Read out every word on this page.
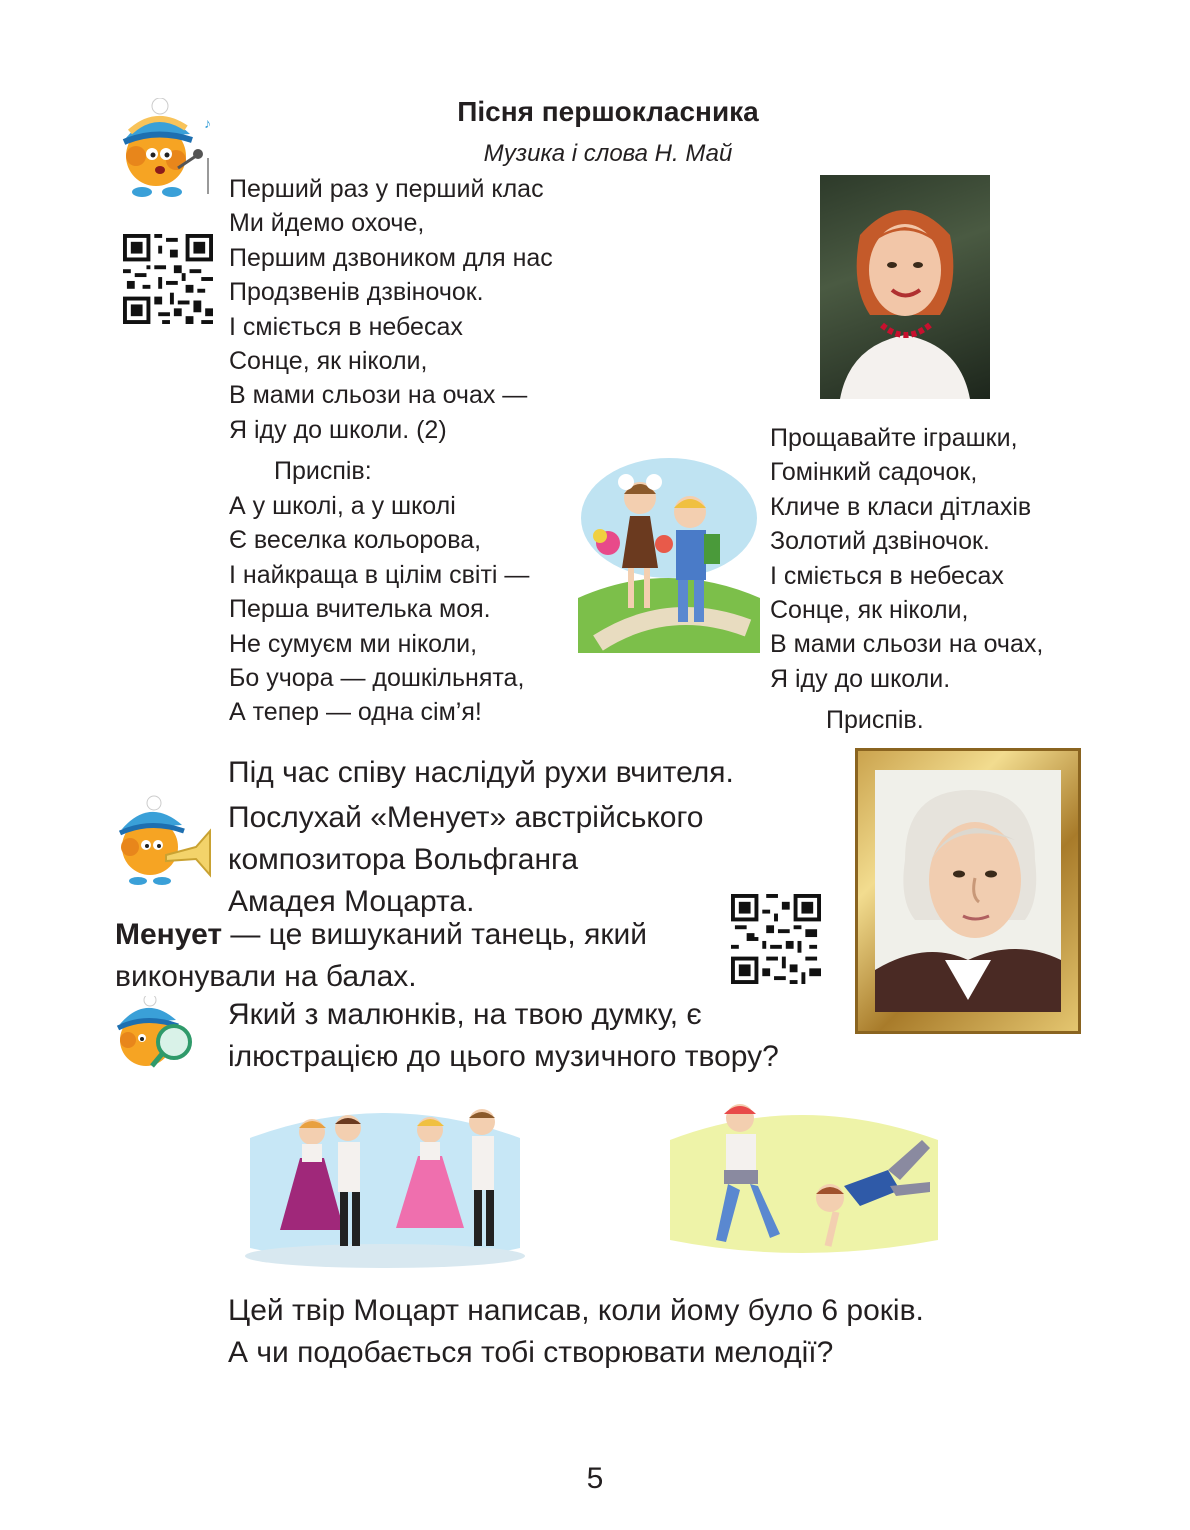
Пісня першокласника
Музика і слова Н. Май
♪
Перший раз у перший клас
Ми йдемо охоче,
Першим дзвоником для нас
Продзвенів дзвіночок.
І сміється в небесах
Сонце, як ніколи,
В мами сльози на очах —
Я іду до школи. (2)
Приспів:
А у школі, а у школі
Є веселка кольорова,
І найкраща в цілім світі —
Перша вчителька моя.
Не сумуєм ми ніколи,
Бо учора — дошкільнята,
А тепер — одна сім’я!
Прощавайте іграшки,
Гомінкий садочок,
Кличе в класи дітлахів
Золотий дзвіночок.
І сміється в небесах
Сонце, як ніколи,
В мами сльози на очах,
Я іду до школи.
Приспів.
Під час співу наслідуй рухи вчителя.
Послухай «Менует» австрійського
композитора Вольфганга
Амадея Моцарта.
Менует — це вишуканий танець, який
виконували на балах.
Який з малюнків, на твою думку, є
ілюстрацією до цього музичного твору?
Цей твір Моцарт написав, коли йому було 6 років.
А чи подобається тобі створювати мелодії?
5
